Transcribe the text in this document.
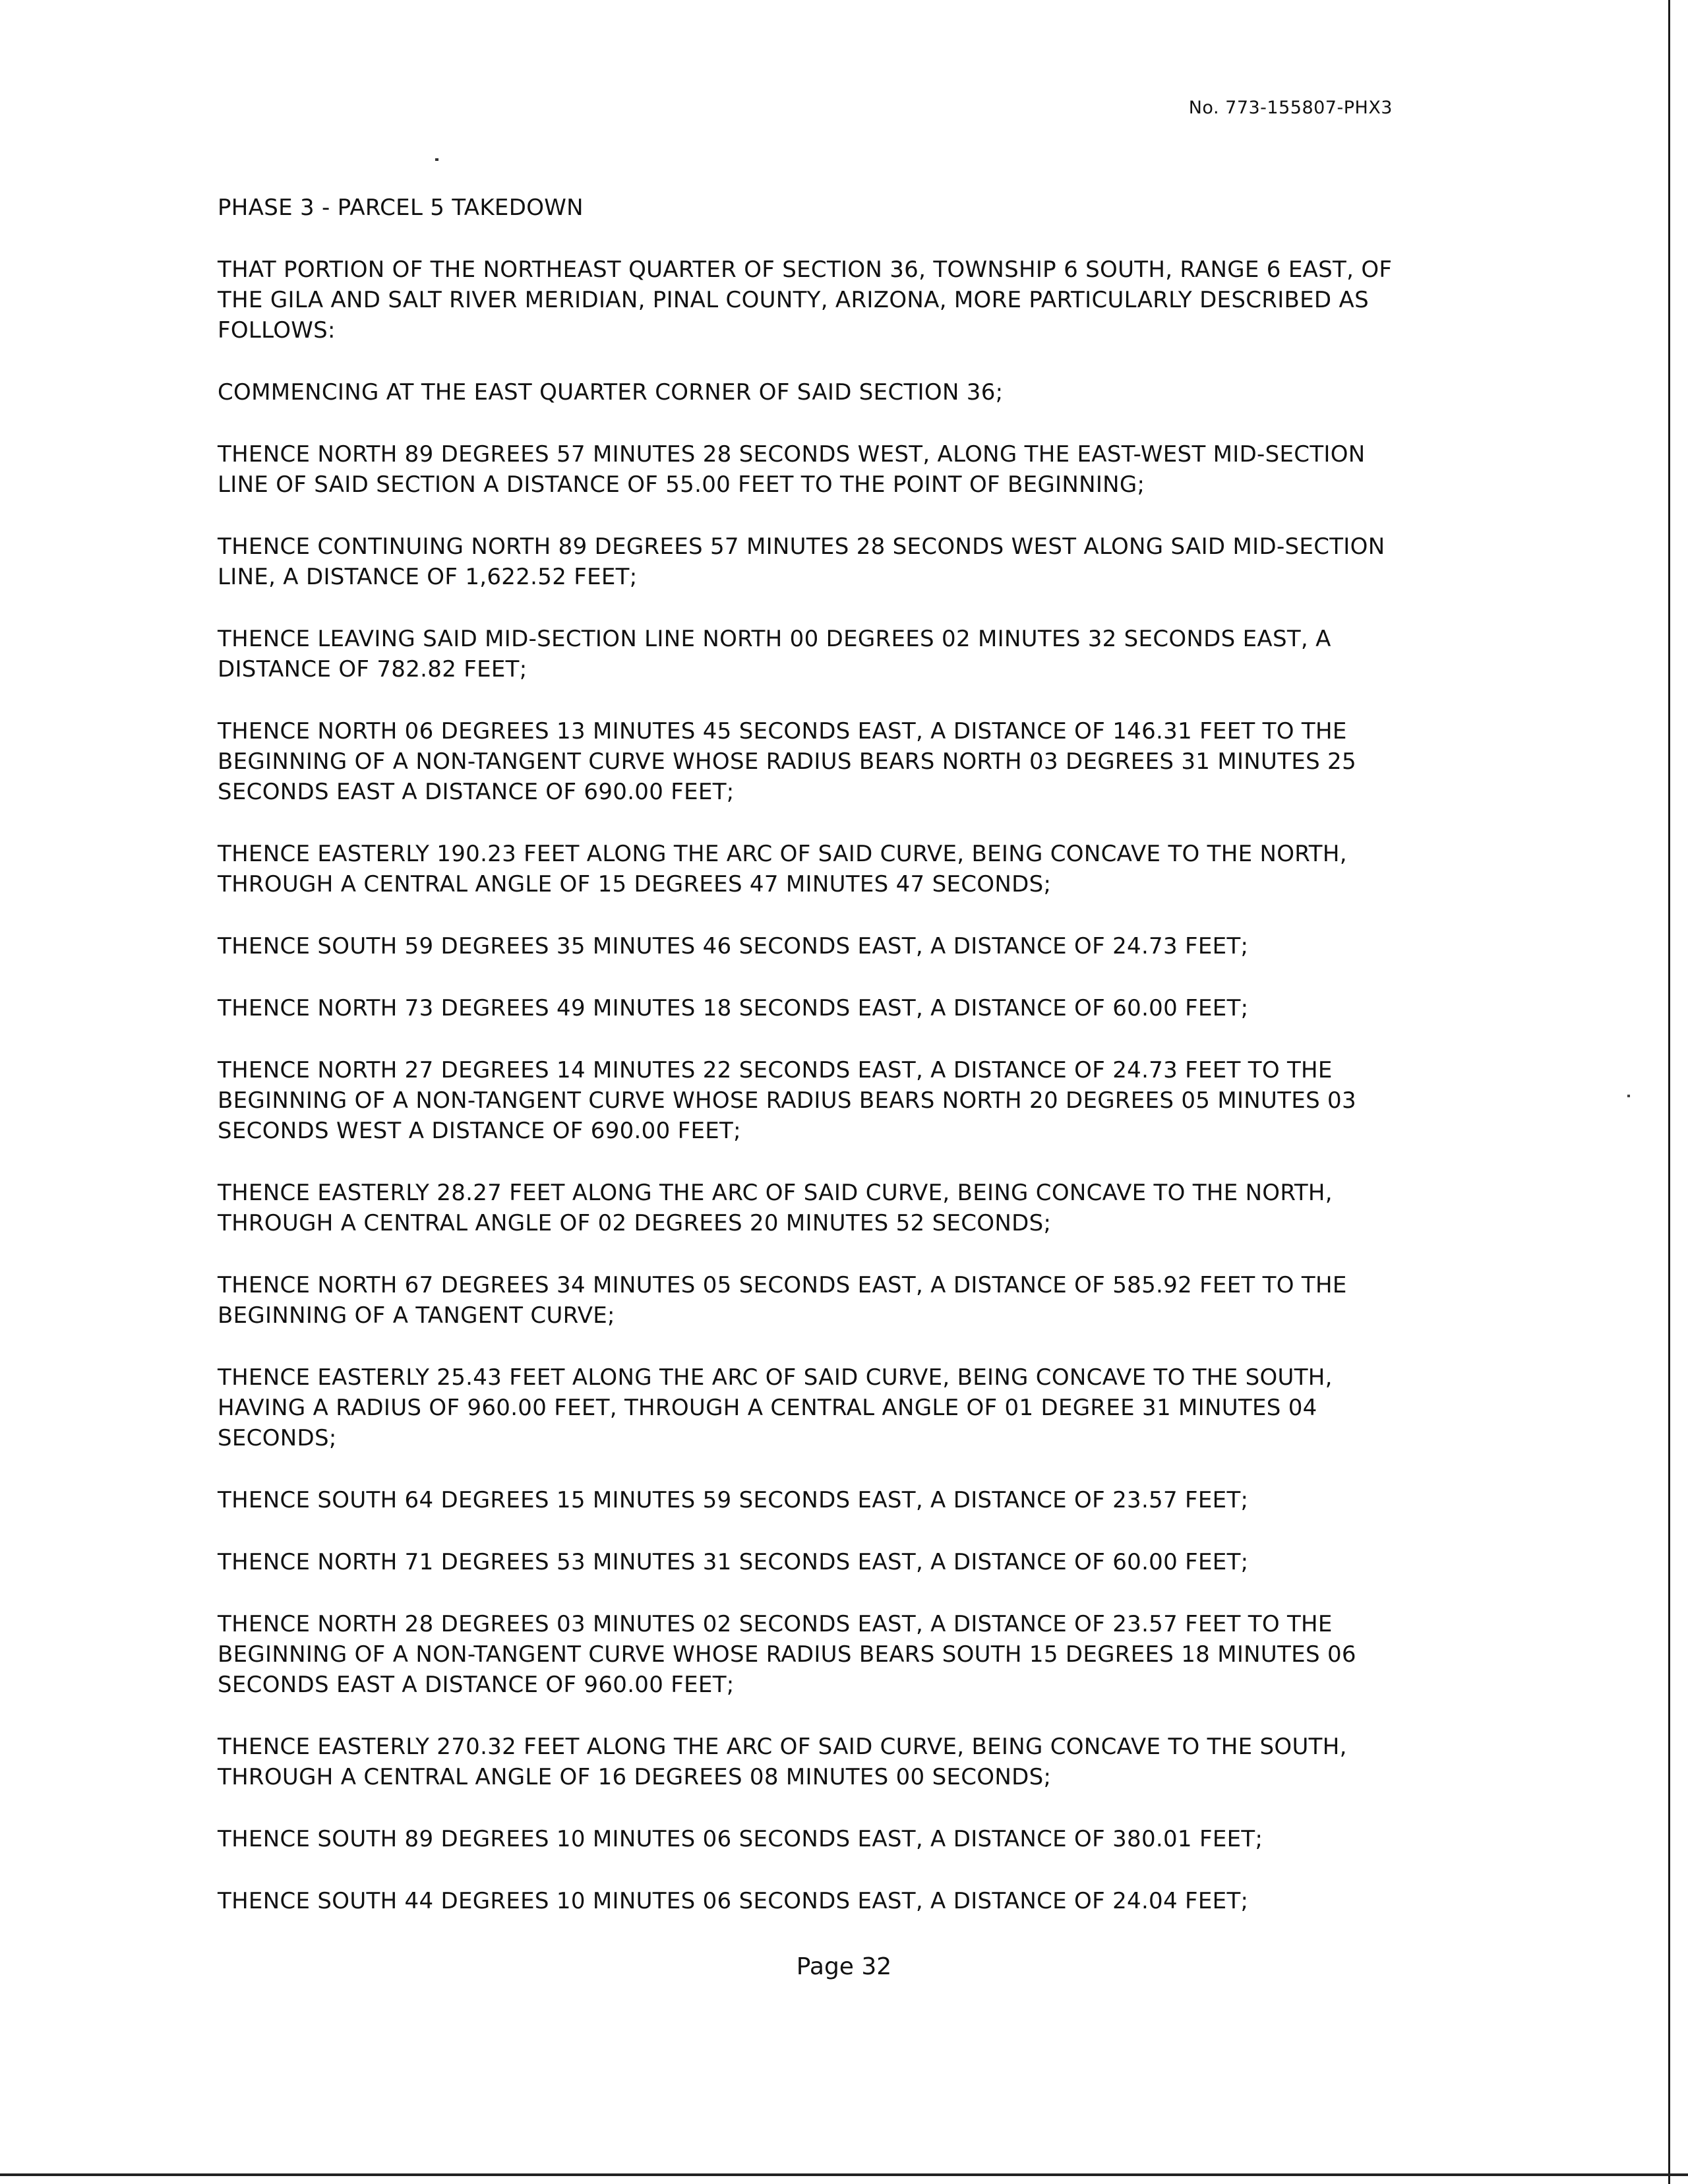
No. 773-155807-PHX3

PHASE 3 - PARCEL 5 TAKEDOWN

THAT PORTION OF THE NORTHEAST QUARTER OF SECTION 36, TOWNSHIP 6 SOUTH, RANGE 6 EAST, OF THE GILA AND SALT RIVER MERIDIAN, PINAL COUNTY, ARIZONA, MORE PARTICULARLY DESCRIBED AS FOLLOWS:

COMMENCING AT THE EAST QUARTER CORNER OF SAID SECTION 36;

THENCE NORTH 89 DEGREES 57 MINUTES 28 SECONDS WEST, ALONG THE EAST-WEST MID-SECTION LINE OF SAID SECTION A DISTANCE OF 55.00 FEET TO THE POINT OF BEGINNING;

THENCE CONTINUING NORTH 89 DEGREES 57 MINUTES 28 SECONDS WEST ALONG SAID MID-SECTION LINE, A DISTANCE OF 1,622.52 FEET;

THENCE LEAVING SAID MID-SECTION LINE NORTH 00 DEGREES 02 MINUTES 32 SECONDS EAST, A DISTANCE OF 782.82 FEET;

THENCE NORTH 06 DEGREES 13 MINUTES 45 SECONDS EAST, A DISTANCE OF 146.31 FEET TO THE BEGINNING OF A NON-TANGENT CURVE WHOSE RADIUS BEARS NORTH 03 DEGREES 31 MINUTES 25 SECONDS EAST A DISTANCE OF 690.00 FEET;

THENCE EASTERLY 190.23 FEET ALONG THE ARC OF SAID CURVE, BEING CONCAVE TO THE NORTH, THROUGH A CENTRAL ANGLE OF 15 DEGREES 47 MINUTES 47 SECONDS;

THENCE SOUTH 59 DEGREES 35 MINUTES 46 SECONDS EAST, A DISTANCE OF 24.73 FEET;

THENCE NORTH 73 DEGREES 49 MINUTES 18 SECONDS EAST, A DISTANCE OF 60.00 FEET;

THENCE NORTH 27 DEGREES 14 MINUTES 22 SECONDS EAST, A DISTANCE OF 24.73 FEET TO THE BEGINNING OF A NON-TANGENT CURVE WHOSE RADIUS BEARS NORTH 20 DEGREES 05 MINUTES 03 SECONDS WEST A DISTANCE OF 690.00 FEET;

THENCE EASTERLY 28.27 FEET ALONG THE ARC OF SAID CURVE, BEING CONCAVE TO THE NORTH, THROUGH A CENTRAL ANGLE OF 02 DEGREES 20 MINUTES 52 SECONDS;

THENCE NORTH 67 DEGREES 34 MINUTES 05 SECONDS EAST, A DISTANCE OF 585.92 FEET TO THE BEGINNING OF A TANGENT CURVE;

THENCE EASTERLY 25.43 FEET ALONG THE ARC OF SAID CURVE, BEING CONCAVE TO THE SOUTH, HAVING A RADIUS OF 960.00 FEET, THROUGH A CENTRAL ANGLE OF 01 DEGREE 31 MINUTES 04 SECONDS;

THENCE SOUTH 64 DEGREES 15 MINUTES 59 SECONDS EAST, A DISTANCE OF 23.57 FEET;

THENCE NORTH 71 DEGREES 53 MINUTES 31 SECONDS EAST, A DISTANCE OF 60.00 FEET;

THENCE NORTH 28 DEGREES 03 MINUTES 02 SECONDS EAST, A DISTANCE OF 23.57 FEET TO THE BEGINNING OF A NON-TANGENT CURVE WHOSE RADIUS BEARS SOUTH 15 DEGREES 18 MINUTES 06 SECONDS EAST A DISTANCE OF 960.00 FEET;

THENCE EASTERLY 270.32 FEET ALONG THE ARC OF SAID CURVE, BEING CONCAVE TO THE SOUTH, THROUGH A CENTRAL ANGLE OF 16 DEGREES 08 MINUTES 00 SECONDS;

THENCE SOUTH 89 DEGREES 10 MINUTES 06 SECONDS EAST, A DISTANCE OF 380.01 FEET;

THENCE SOUTH 44 DEGREES 10 MINUTES 06 SECONDS EAST, A DISTANCE OF 24.04 FEET;

Page 32
